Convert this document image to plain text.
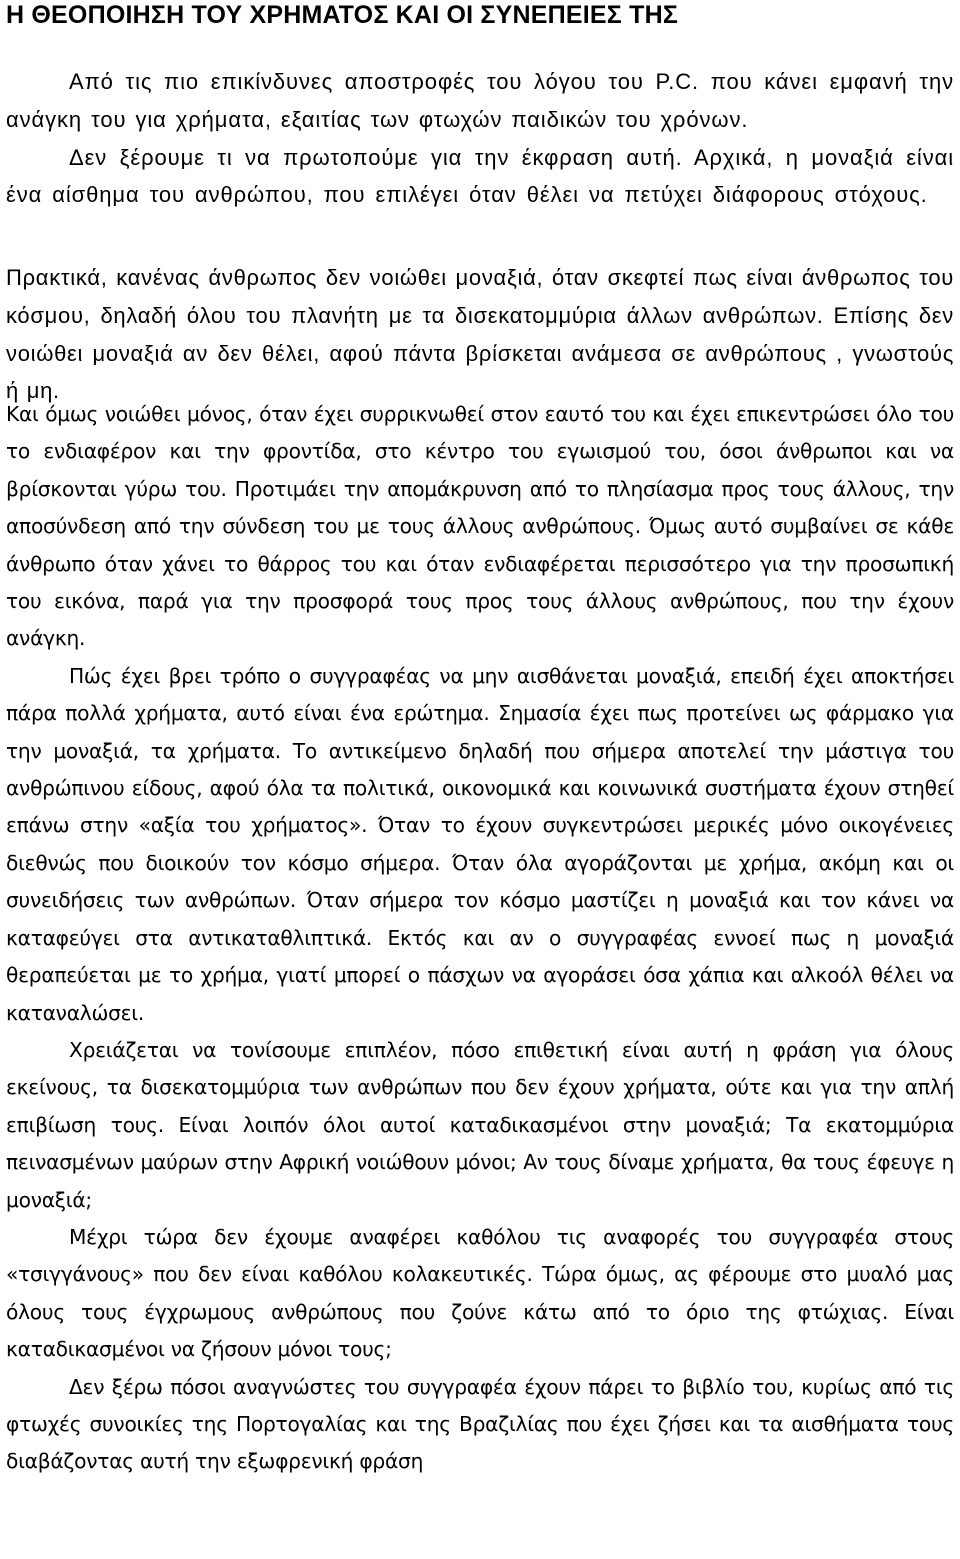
Η ΘΕΟΠΟΙΗΣΗ ΤΟΥ ΧΡΗΜΑΤΟΣ ΚΑΙ ΟΙ ΣΥΝΕΠΕΙΕΣ ΤΗΣ

Από τις πιο επικίνδυνες αποστροφές του λόγου του P.C. που κάνει εμφανή την ανάγκη του για χρήματα, εξαιτίας των φτωχών παιδικών του χρόνων.

Δεν ξέρουμε τι να πρωτοπούμε για την έκφραση αυτή. Αρχικά, η μοναξιά είναι ένα αίσθημα του ανθρώπου, που επιλέγει όταν θέλει να πετύχει διάφορους στόχους.

Πρακτικά, κανένας άνθρωπος δεν νοιώθει μοναξιά, όταν σκεφτεί πως είναι άνθρωπος του κόσμου, δηλαδή όλου του πλανήτη με τα δισεκατομμύρια άλλων ανθρώπων. Επίσης δεν νοιώθει μοναξιά αν δεν θέλει, αφού πάντα βρίσκεται ανάμεσα σε ανθρώπους , γνωστούς ή μη.

Και όμως νοιώθει μόνος, όταν έχει συρρικνωθεί στον εαυτό του και έχει επικεντρώσει όλο του το ενδιαφέρον και την φροντίδα, στο κέντρο του εγωισμού του, όσοι άνθρωποι και να βρίσκονται γύρω του. Προτιμάει την απομάκρυνση από το πλησίασμα προς τους άλλους, την αποσύνδεση από την σύνδεση του με τους άλλους ανθρώπους. Όμως αυτό συμβαίνει σε κάθε άνθρωπο όταν χάνει το θάρρος του και όταν ενδιαφέρεται περισσότερο για την προσωπική του εικόνα, παρά για την προσφορά τους προς τους άλλους ανθρώπους, που την έχουν ανάγκη.

Πώς έχει βρει τρόπο ο συγγραφέας να μην αισθάνεται μοναξιά, επειδή έχει αποκτήσει πάρα πολλά χρήματα, αυτό είναι ένα ερώτημα. Σημασία έχει πως προτείνει ως φάρμακο για την μοναξιά, τα χρήματα. Το αντικείμενο δηλαδή που σήμερα αποτελεί την μάστιγα του ανθρώπινου είδους, αφού όλα τα πολιτικά, οικονομικά και κοινωνικά συστήματα έχουν στηθεί επάνω στην «αξία του χρήματος». Όταν το έχουν συγκεντρώσει μερικές μόνο οικογένειες διεθνώς που διοικούν τον κόσμο σήμερα. Όταν όλα αγοράζονται με χρήμα, ακόμη και οι συνειδήσεις των ανθρώπων. Όταν σήμερα τον κόσμο μαστίζει η μοναξιά και τον κάνει να καταφεύγει στα αντικαταθλιπτικά. Εκτός και αν ο συγγραφέας εννοεί πως η μοναξιά θεραπεύεται με το χρήμα, γιατί μπορεί ο πάσχων να αγοράσει όσα χάπια και αλκοόλ θέλει να καταναλώσει.

Χρειάζεται να τονίσουμε επιπλέον, πόσο επιθετική είναι αυτή η φράση για όλους εκείνους, τα δισεκατομμύρια των ανθρώπων που δεν έχουν χρήματα, ούτε και για την απλή επιβίωση τους. Είναι λοιπόν όλοι αυτοί καταδικασμένοι στην μοναξιά; Τα εκατομμύρια πεινασμένων μαύρων στην Αφρική νοιώθουν μόνοι; Αν τους δίναμε χρήματα, θα τους έφευγε η μοναξιά;

Μέχρι τώρα δεν έχουμε αναφέρει καθόλου τις αναφορές του συγγραφέα στους «τσιγγάνους» που δεν είναι καθόλου κολακευτικές. Τώρα όμως, ας φέρουμε στο μυαλό μας όλους τους έγχρωμους ανθρώπους που ζούνε κάτω από το όριο της φτώχιας. Είναι καταδικασμένοι να ζήσουν μόνοι τους;

Δεν ξέρω πόσοι αναγνώστες του συγγραφέα έχουν πάρει το βιβλίο του, κυρίως από τις φτωχές συνοικίες της Πορτογαλίας και της Βραζιλίας που έχει ζήσει και τα αισθήματα τους διαβάζοντας αυτή την εξωφρενική φράση
